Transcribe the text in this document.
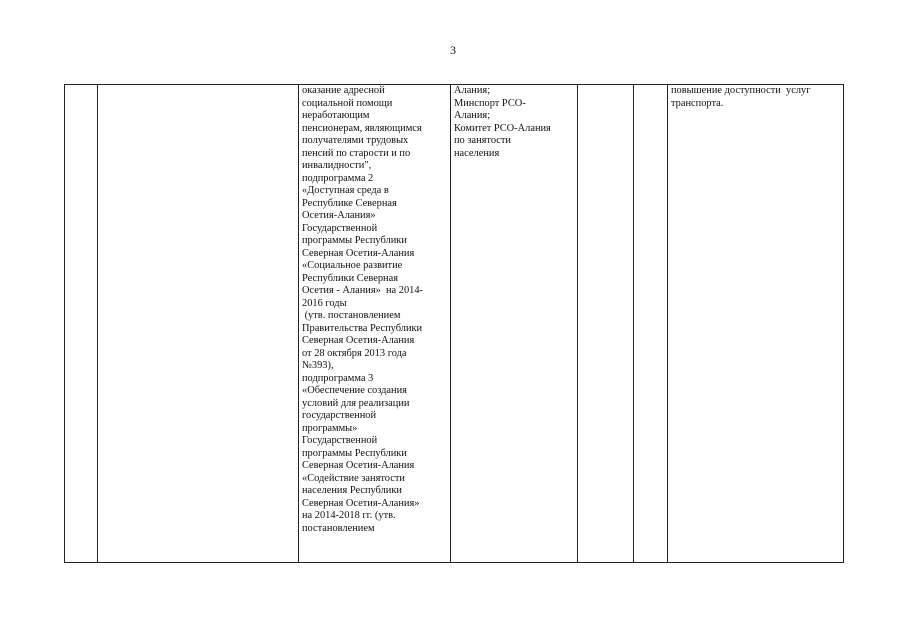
3
		оказание адресной
социальной помощи
неработающим
пенсионерам, являющимся
получателями трудовых
пенсий по старости и по
инвалидности",
подпрограмма 2
«Доступная среда в
Республике Северная
Осетия-Алания»
Государственной
программы Республики
Северная Осетия-Алания
«Социальное развитие
Республики Северная
Осетия - Алания»  на 2014-
2016 годы
(утв. постановлением
Правительства Республики
Северная Осетия-Алания
от 28 октября 2013 года
№393),
подпрограмма 3
«Обеспечение создания
условий для реализации
государственной
программы»
Государственной
программы Республики
Северная Осетия-Алания
«Содействие занятости
населения Республики
Северная Осетия-Алания»
на 2014-2018 гг. (утв.
постановлением	Алания;
Минспорт РСО-
Алания;
Комитет РСО-Алания
по занятости
населения			повышение доступности  услуг
транспорта.
